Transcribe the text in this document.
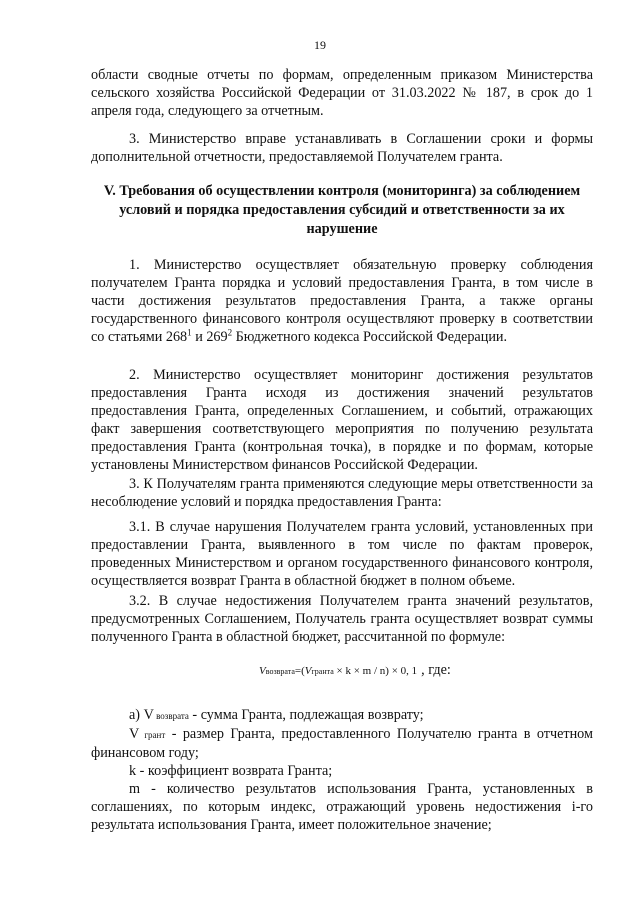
19

области сводные отчеты по формам, определенным приказом Министерства сельского хозяйства Российской Федерации от 31.03.2022 № 187, в срок до 1 апреля года, следующего за отчетным.

3. Министерство вправе устанавливать в Соглашении сроки и формы дополнительной отчетности, предоставляемой Получателем гранта.

V. Требования об осуществлении контроля (мониторинга) за соблюдением условий и порядка предоставления субсидий и ответственности за их нарушение

1. Министерство осуществляет обязательную проверку соблюдения получателем Гранта порядка и условий предоставления Гранта, в том числе в части достижения результатов предоставления Гранта, а также органы государственного финансового контроля осуществляют проверку в соответствии со статьями $268^1$ и $269^2$ Бюджетного кодекса Российской Федерации.

2. Министерство осуществляет мониторинг достижения результатов предоставления Гранта исходя из достижения значений результатов предоставления Гранта, определенных Соглашением, и событий, отражающих факт завершения соответствующего мероприятия по получению результата предоставления Гранта (контрольная точка), в порядке и по формам, которые установлены Министерством финансов Российской Федерации.

3. К Получателям гранта применяются следующие меры ответственности за несоблюдение условий и порядка предоставления Гранта:

3.1. В случае нарушения Получателем гранта условий, установленных при предоставлении Гранта, выявленного в том числе по фактам проверок, проведенных Министерством и органом государственного финансового контроля, осуществляется возврат Гранта в областной бюджет в полном объеме.

3.2. В случае недостижения Получателем гранта значений результатов, предусмотренных Соглашением, Получатель гранта осуществляет возврат суммы полученного Гранта в областной бюджет, рассчитанной по формуле:

Vвозврата=(Vгранта × k × m / n) × 0, 1 , где:

а) V возврата - сумма Гранта, подлежащая возврату;

V грант - размер Гранта, предоставленного Получателю гранта в отчетном финансовом году;

k - коэффициент возврата Гранта;

m - количество результатов использования Гранта, установленных в соглашениях, по которым индекс, отражающий уровень недостижения i-го результата использования Гранта, имеет положительное значение;
